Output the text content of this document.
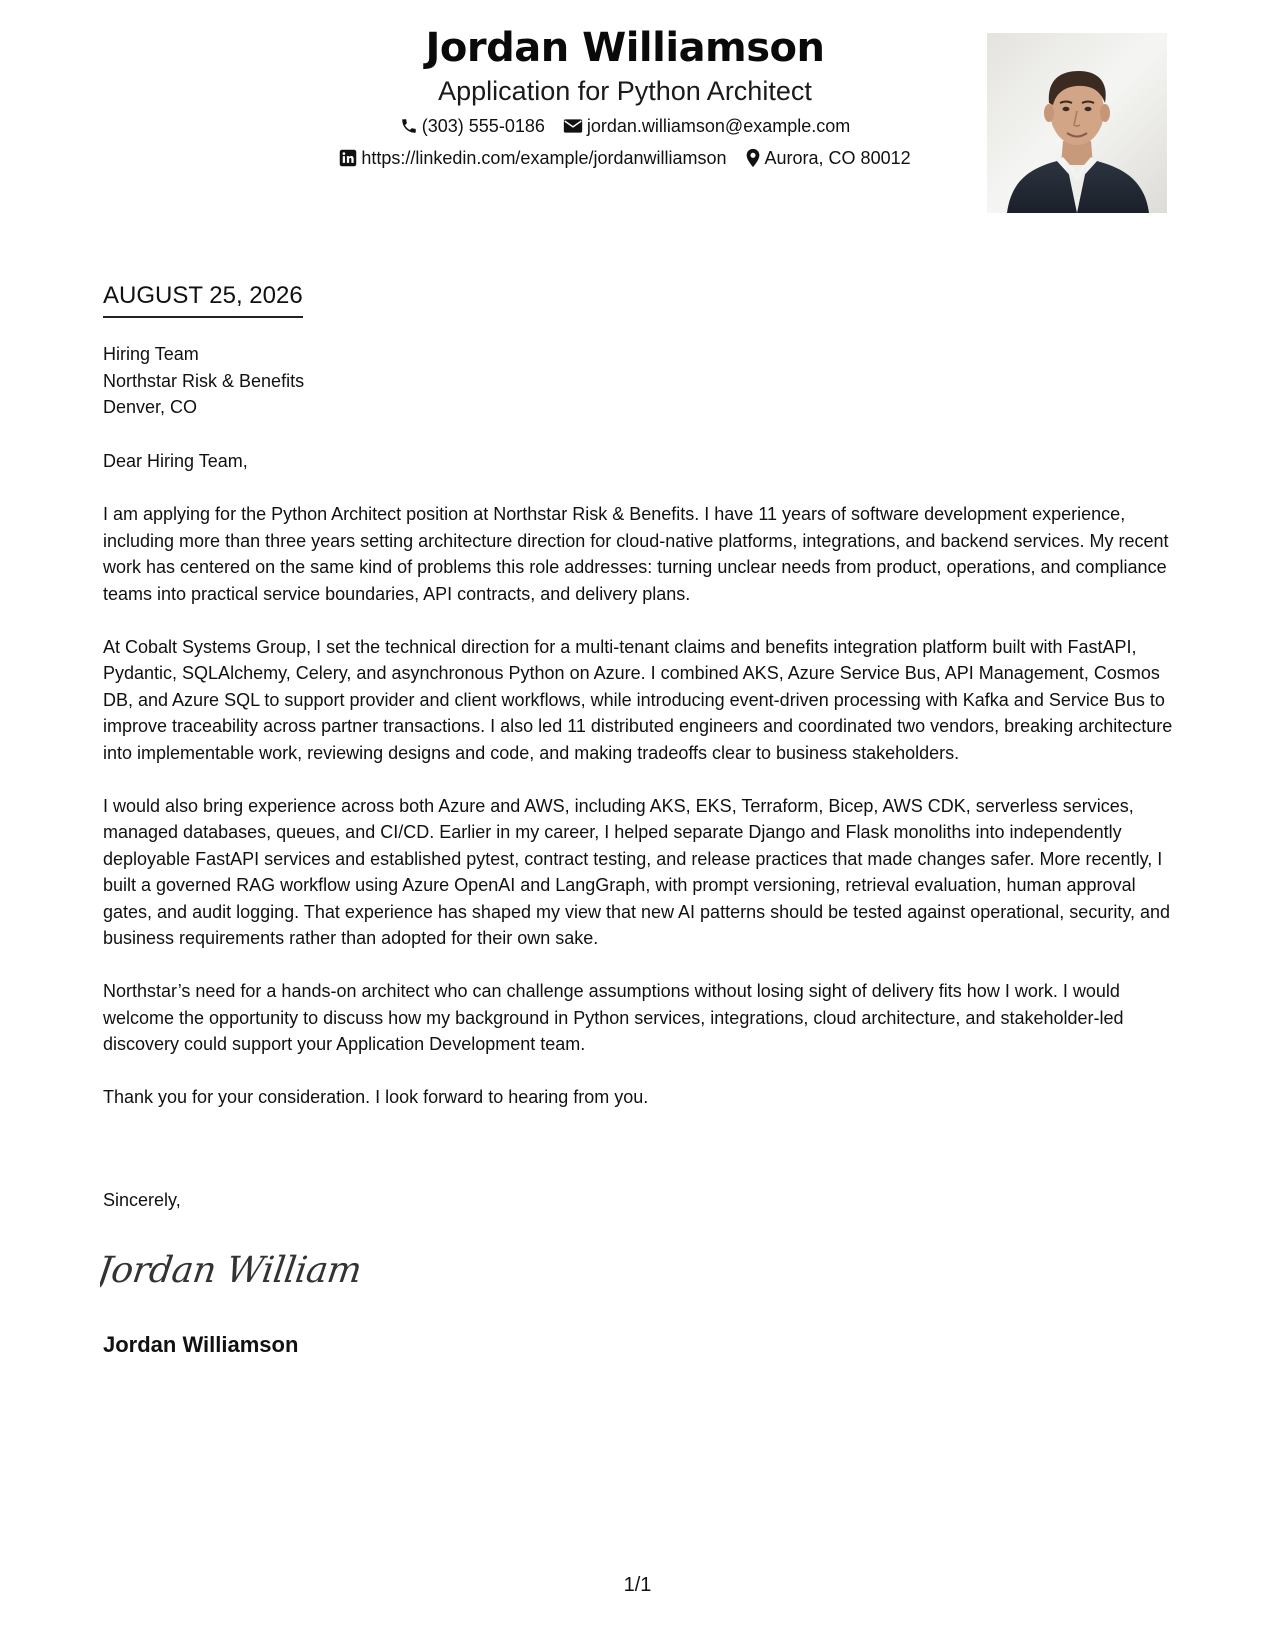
Jordan Williamson
Application for Python Architect
(303) 555-0186 jordan.williamson@example.com
https://linkedin.com/example/jordanwilliamson Aurora, CO 80012
AUGUST 25, 2026
Hiring Team
Northstar Risk & Benefits
Denver, CO

Dear Hiring Team,

I am applying for the Python Architect position at Northstar Risk & Benefits. I have 11 years of software development experience, including more than three years setting architecture direction for cloud-native platforms, integrations, and backend services. My recent work has centered on the same kind of problems this role addresses: turning unclear needs from product, operations, and compliance teams into practical service boundaries, API contracts, and delivery plans.

At Cobalt Systems Group, I set the technical direction for a multi-tenant claims and benefits integration platform built with FastAPI, Pydantic, SQLAlchemy, Celery, and asynchronous Python on Azure. I combined AKS, Azure Service Bus, API Management, Cosmos DB, and Azure SQL to support provider and client workflows, while introducing event-driven processing with Kafka and Service Bus to improve traceability across partner transactions. I also led 11 distributed engineers and coordinated two vendors, breaking architecture into implementable work, reviewing designs and code, and making tradeoffs clear to business stakeholders.

I would also bring experience across both Azure and AWS, including AKS, EKS, Terraform, Bicep, AWS CDK, serverless services, managed databases, queues, and CI/CD. Earlier in my career, I helped separate Django and Flask monoliths into independently deployable FastAPI services and established pytest, contract testing, and release practices that made changes safer. More recently, I built a governed RAG workflow using Azure OpenAI and LangGraph, with prompt versioning, retrieval evaluation, human approval gates, and audit logging. That experience has shaped my view that new AI patterns should be tested against operational, security, and business requirements rather than adopted for their own sake.

Northstar’s need for a hands-on architect who can challenge assumptions without losing sight of delivery fits how I work. I would welcome the opportunity to discuss how my background in Python services, integrations, cloud architecture, and stakeholder-led discovery could support your Application Development team.

Thank you for your consideration. I look forward to hearing from you.

Sincerely,
Jordan Williams
Jordan Williamson
1/1
